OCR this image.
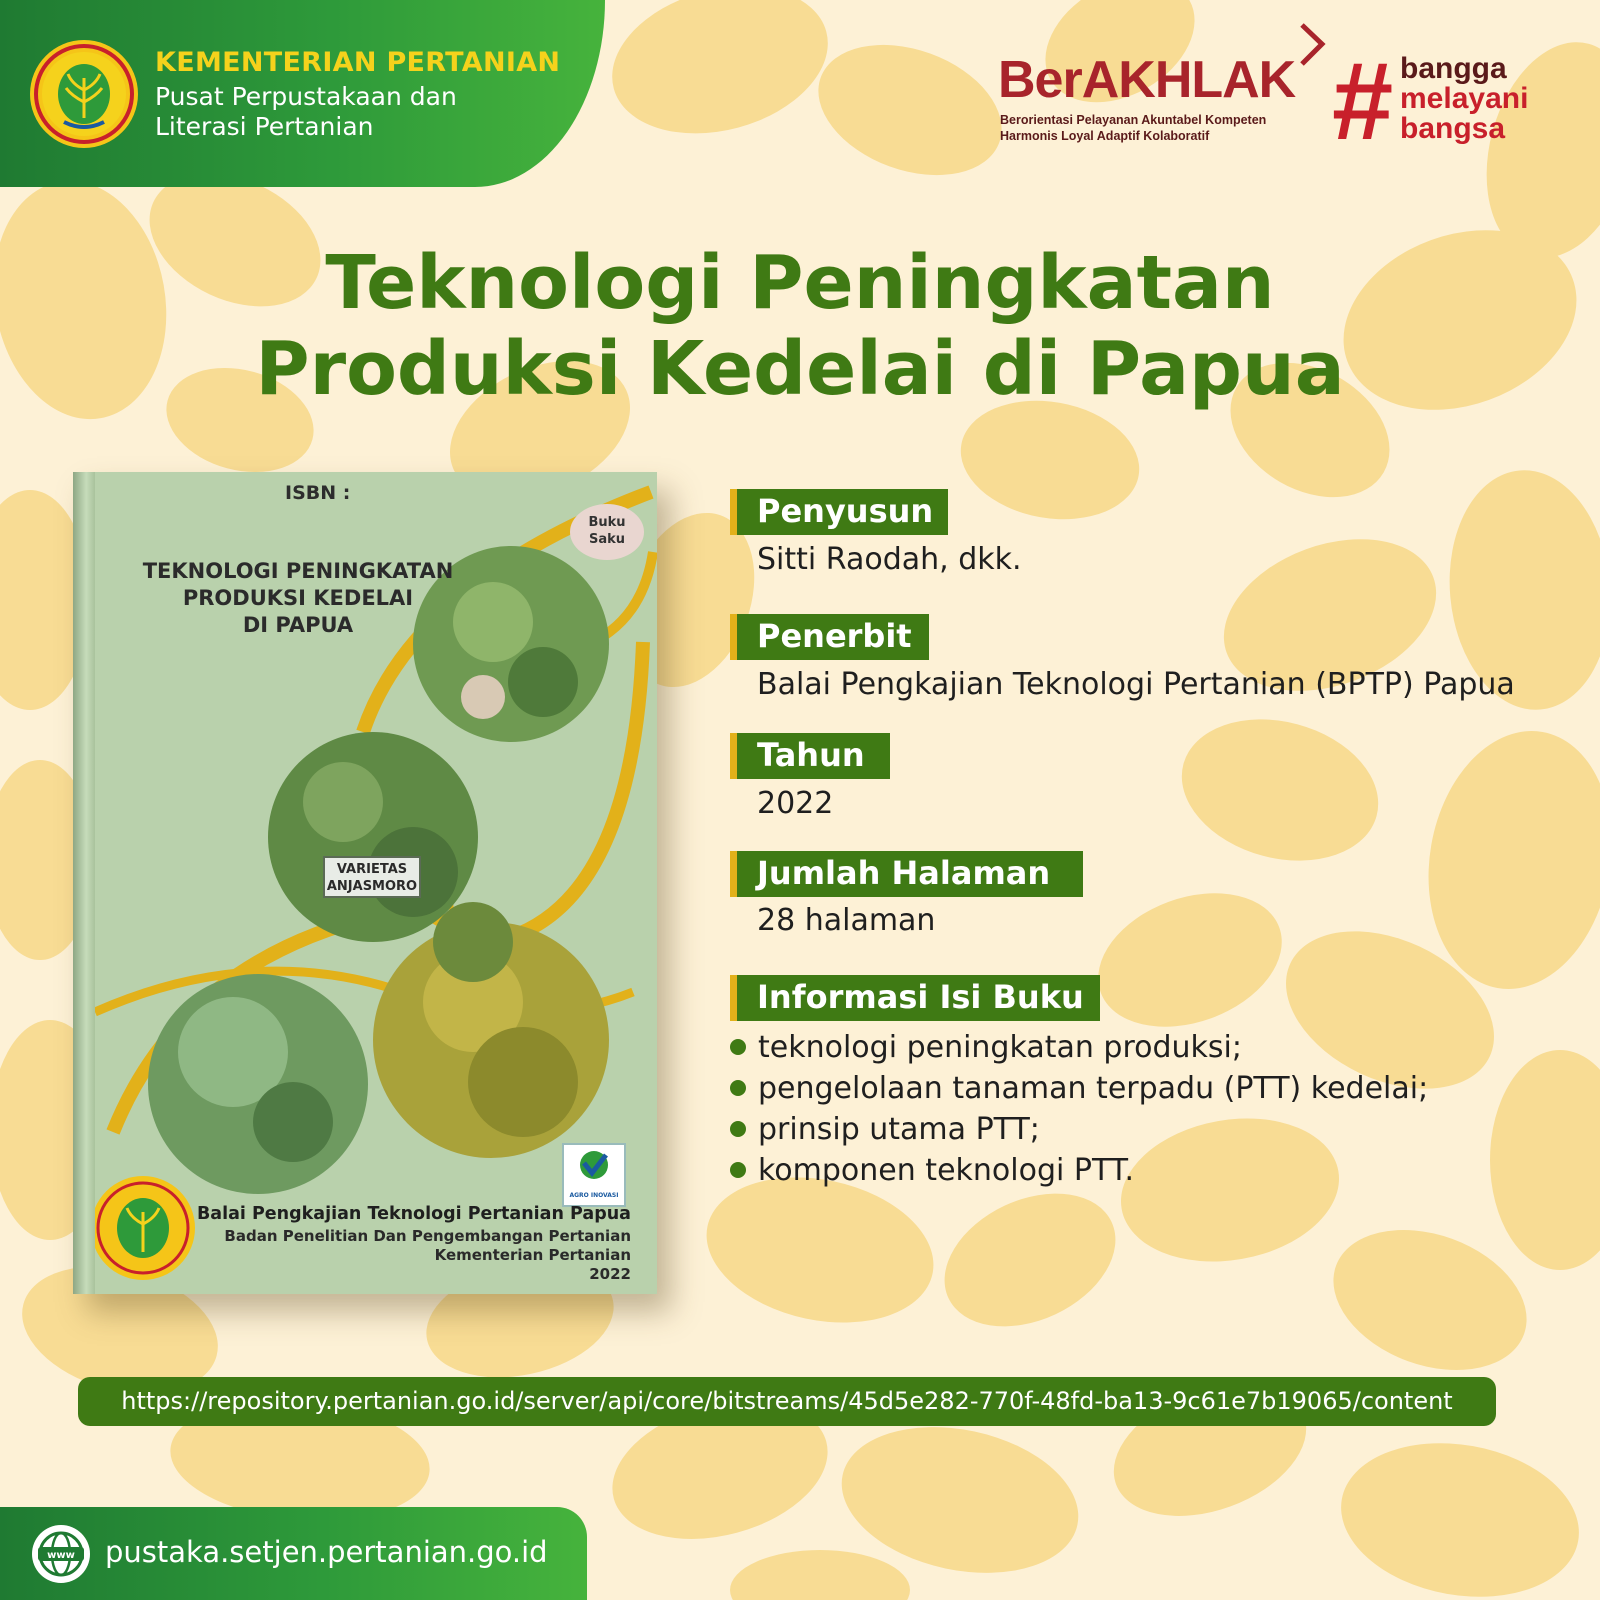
KEMENTERIAN PERTANIAN
Pusat Perpustakaan dan
Literasi Pertanian
BerAKHLAK
Berorientasi Pelayanan Akuntabel Kompeten
Harmonis Loyal Adaptif Kolaboratif	# bangga
melayani
bangsa
Teknologi Peningkatan
Produksi Kedelai di Papua
ISBN :
Buku
Saku
TEKNOLOGI PENINGKATAN
PRODUKSI KEDELAI
DI PAPUA
VARIETAS
ANJASMORO
AGRO INOVASI
Balai Pengkajian Teknologi Pertanian Papua
Badan Penelitian Dan Pengembangan Pertanian
Kementerian Pertanian
2022
Penyusun
Sitti Raodah, dkk.
Penerbit
Balai Pengkajian Teknologi Pertanian (BPTP) Papua
Tahun
2022
Jumlah Halaman
28 halaman
Informasi Isi Buku
teknologi peningkatan produksi;
pengelolaan tanaman terpadu (PTT) kedelai;
prinsip utama PTT;
komponen teknologi PTT.
https://repository.pertanian.go.id/server/api/core/bitstreams/45d5e282-770f-48fd-ba13-9c61e7b19065/content
www pustaka.setjen.pertanian.go.id
